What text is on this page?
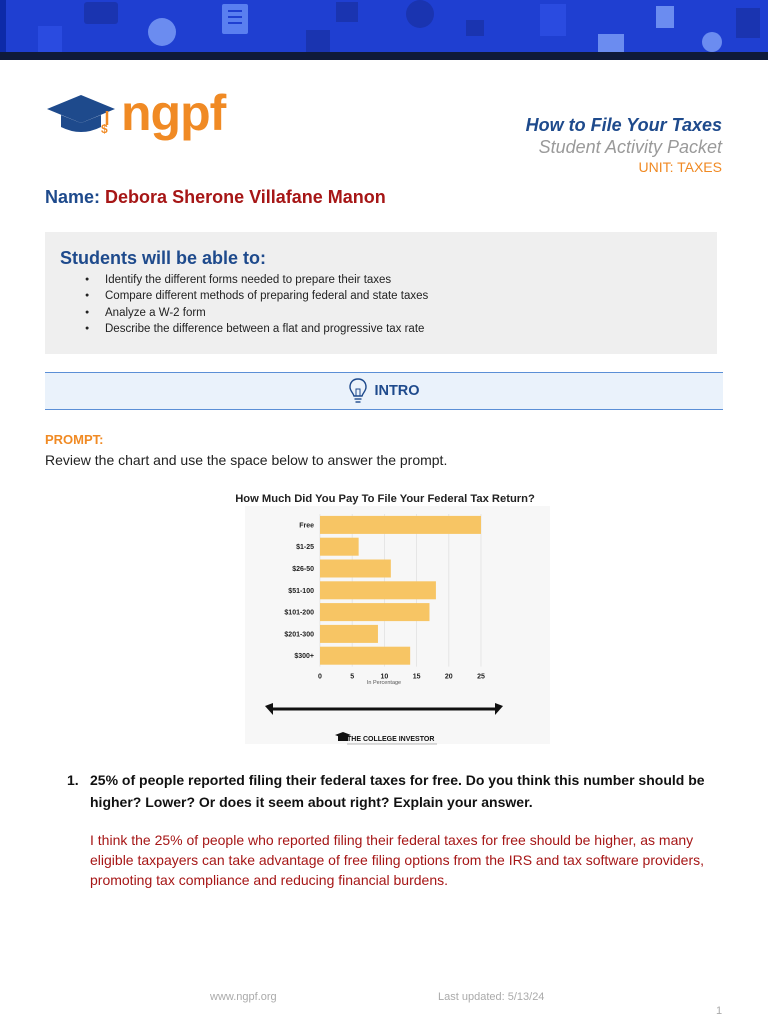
$ ngpf	How to File Your Taxes
Student Activity Packet
UNIT: TAXES
Name: Debora Sherone Villafane Manon
Students will be able to:
● Identify the different forms needed to prepare their taxes
● Compare different methods of preparing federal and state taxes
● Analyze a W-2 form
● Describe the difference between a flat and progressive tax rate
INTRO
PROMPT:
Review the chart and use the space below to answer the prompt.
How Much Did You Pay To File Your Federal Tax Return?
Free
$1-25
$26-50
$51-100
$101-200
$201-300
$300+
0	5	10	15	20	25
In Percentage
THE COLLEGE INVESTOR
1. 25% of people reported filing their federal taxes for free. Do you think this number should be higher? Lower? Or does it seem about right? Explain your answer.
I think the 25% of people who reported filing their federal taxes for free should be higher, as many eligible taxpayers can take advantage of free filing options from the IRS and tax software providers, promoting tax compliance and reducing financial burdens.
www.ngpf.org	Last updated: 5/13/24
1
